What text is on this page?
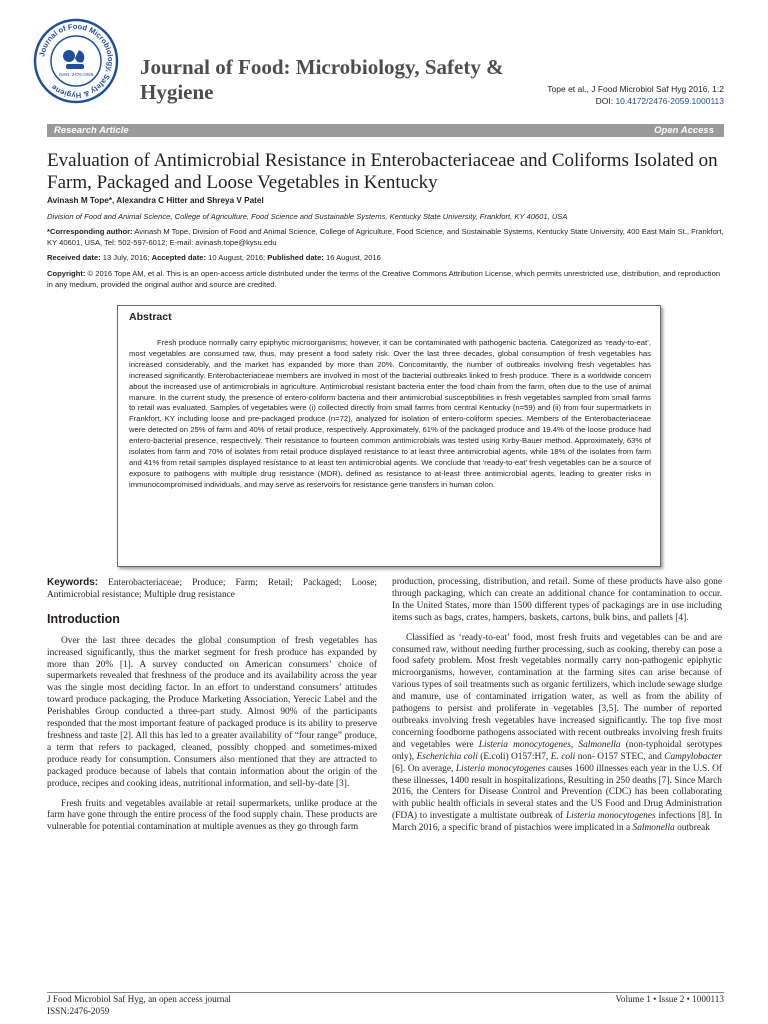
Journal of Food Microbiology, Safety & Hygiene
ISSN: 2476-2059 Journal of Food: Microbiology, Safety & Hygiene	Tope et al., J Food Microbiol Saf Hyg 2016, 1:2
DOI: 10.4172/2476-2059.1000113
Research Article	Open Access
Evaluation of Antimicrobial Resistance in Enterobacteriaceae and Coliforms Isolated on Farm, Packaged and Loose Vegetables in Kentucky
Avinash M Tope*, Alexandra C Hitter and Shreya V Patel
Division of Food and Animal Science, College of Agriculture, Food Science and Sustainable Systems, Kentucky State University, Frankfort, KY 40601, USA
*Corresponding author: Avinash M Tope, Division of Food and Animal Science, College of Agriculture, Food Science, and Sustainable Systems, Kentucky State University, 400 East Main St., Frankfort, KY 40601, USA, Tel: 502-597-6012; E-mail: avinash.tope@kysu.edu
Received date: 13 July, 2016; Accepted date: 10 August, 2016; Published date: 16 August, 2016
Copyright: © 2016 Tope AM, et al. This is an open-access article distributed under the terms of the Creative Commons Attribution License, which permits unrestricted use, distribution, and reproduction in any medium, provided the original author and source are credited.
Abstract
Fresh produce normally carry epiphytic microorganisms; however, it can be contaminated with pathogenic bacteria. Categorized as ‘ready-to-eat’, most vegetables are consumed raw, thus, may present a food safety risk. Over the last three decades, global consumption of fresh vegetables has increased considerably, and the market has expanded by more than 20%. Concomitantly, the number of outbreaks involving fresh vegetables has increased significantly. Enterobacteriaceae members are involved in most of the bacterial outbreaks linked to fresh produce. There is a worldwide concern about the increased use of antimicrobials in agriculture. Antimicrobial resistant bacteria enter the food chain from the farm, often due to the use of animal manure. In the current study, the presence of entero-coliform bacteria and their antimicrobial susceptibilities in fresh vegetables sampled from small farms to retail was evaluated. Samples of vegetables were (i) collected directly from small farms from central Kentucky (n=59) and (ii) from four supermarkets in Frankfort, KY including loose and pre-packaged produce (n=72), analyzed for isolation of entero-coliform species. Members of the Enterobacteriaceae were detected on 25% of farm and 40% of retail produce, respectively. Approximately, 61% of the packaged produce and 19.4% of the loose produce had entero-bacterial presence, respectively. Their resistance to fourteen common antimicrobials was tested using Kirby-Bauer method. Approximately, 63% of isolates from farm and 70% of isolates from retail produce displayed resistance to at least three antimicrobial agents, while 18% of the isolates from farm and 41% from retail samples displayed resistance to at least ten antimicrobial agents. We conclude that ‘ready-to-eat’ fresh vegetables can be a source of exposure to pathogens with multiple drug resistance (MDR), defined as resistance to at-least three antimicrobial agents, leading to greater risks in immunocompromised individuals, and may serve as reservoirs for resistance gene transfers in human colon.

Keywords: Enterobacteriaceae; Produce; Farm; Retail; Packaged; Loose; Antimicrobial resistance; Multiple drug resistance

Introduction

Over the last three decades the global consumption of fresh vegetables has increased significantly, thus the market segment for fresh produce has expanded by more than 20% [1]. A survey conducted on American consumers’ choice of supermarkets revealed that freshness of the produce and its availability across the year was the single most deciding factor. In an effort to understand consumers’ attitudes toward produce packaging, the Produce Marketing Association, Yerecic Label and the Perishables Group conducted a three-part study. Almost 90% of the participants responded that the most important feature of packaged produce is its ability to preserve freshness and taste [2]. All this has led to a greater availability of “four range” produce, a term that refers to packaged, cleaned, possibly chopped and sometimes-mixed produce ready for consumption. Consumers also mentioned that they are attracted to packaged produce because of labels that contain information about the origin of the produce, recipes and cooking ideas, nutritional information, and sell-by-date [3].

Fresh fruits and vegetables available at retail supermarkets, unlike produce at the farm have gone through the entire process of the food supply chain. These products are vulnerable for potential contamination at multiple avenues as they go through farm

production, processing, distribution, and retail. Some of these products have also gone through packaging, which can create an additional chance for contamination to occur. In the United States, more than 1500 different types of packagings are in use including items such as bags, crates, hampers, baskets, cartons, bulk bins, and pallets [4].

Classified as ‘ready-to-eat’ food, most fresh fruits and vegetables can be and are consumed raw, without needing further processing, such as cooking, thereby can pose a food safety problem. Most fresh vegetables normally carry non-pathogenic epiphytic microorganisms, however, contamination at the farming sites can arise because of various types of soil treatments such as organic fertilizers, which include sewage sludge and manure, use of contaminated irrigation water, as well as from the ability of pathogens to persist and proliferate in vegetables [3,5]. The number of reported outbreaks involving fresh vegetables have increased significantly. The top five most concerning foodborne pathogens associated with recent outbreaks involving fresh fruits and vegetables were Listeria monocytogenes, Salmonella (non-typhoidal serotypes only), Escherichia coli (E.coli) O157:H7, E. coli non- O157 STEC, and Campylobacter [6]. On average, Listeria monocytogenes causes 1600 illnesses each year in the U.S. Of these illnesses, 1400 result in hospitalizations, Resulting in 250 deaths [7]. Since March 2016, the Centers for Disease Control and Prevention (CDC) has been collaborating with public health officials in several states and the US Food and Drug Administration (FDA) to investigate a multistate outbreak of Listeria monocytogenes infections [8]. In March 2016, a specific brand of pistachios were implicated in a Salmonella outbreak

J Food Microbiol Saf Hyg, an open access journal
ISSN:2476-2059
Volume 1 • Issue 2 • 1000113
